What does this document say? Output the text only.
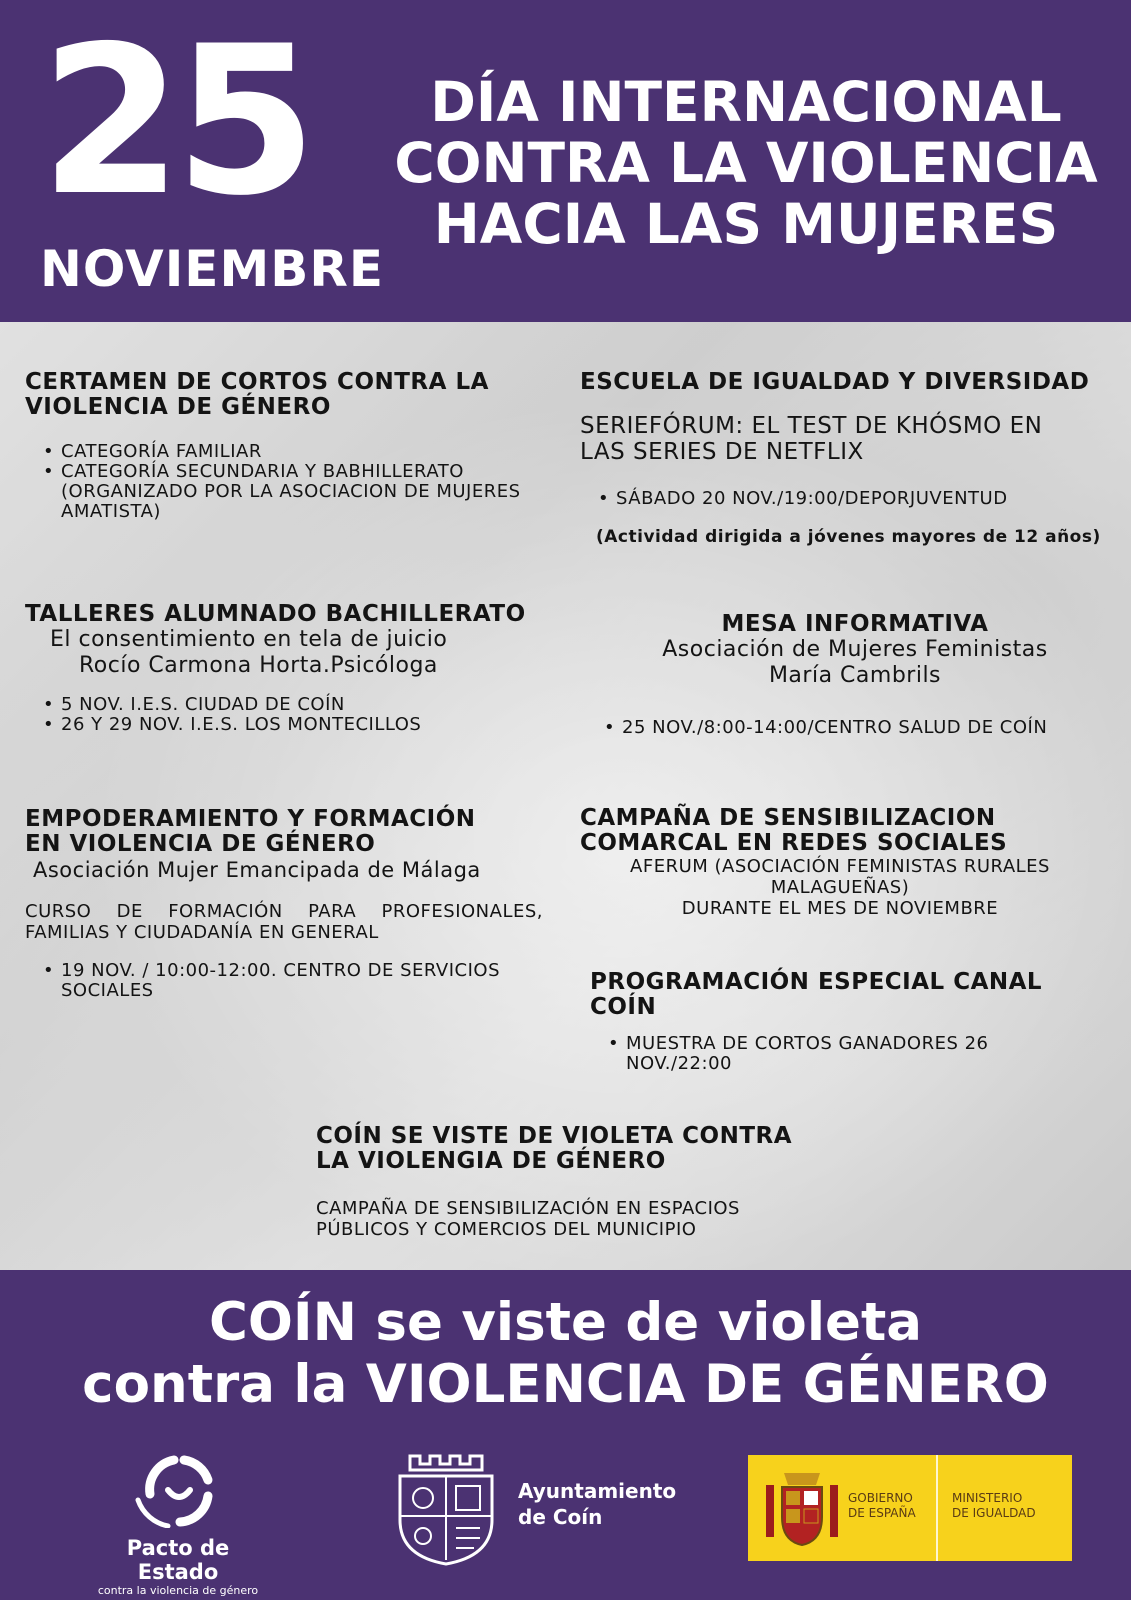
25
NOVIEMBRE
DÍA INTERNACIONAL
CONTRA LA VIOLENCIA
HACIA LAS MUJERES
CERTAMEN DE CORTOS CONTRA LA
VIOLENCIA DE GÉNERO
• CATEGORÍA FAMILIAR
• CATEGORÍA SECUNDARIA Y BABHILLERATO (ORGANIZADO POR LA ASOCIACION DE MUJERES AMATISTA)
TALLERES ALUMNADO BACHILLERATO
El consentimiento en tela de juicio
Rocío Carmona Horta.Psicóloga
• 5 NOV. I.E.S. CIUDAD DE COÍN
• 26 Y 29 NOV. I.E.S. LOS MONTECILLOS
EMPODERAMIENTO Y FORMACIÓN
EN VIOLENCIA DE GÉNERO
Asociación Mujer Emancipada de Málaga
CURSO DE FORMACIÓN PARA PROFESIONALES, FAMILIAS Y CIUDADANÍA EN GENERAL
• 19 NOV. / 10:00-12:00. CENTRO DE SERVICIOS SOCIALES
ESCUELA DE IGUALDAD Y DIVERSIDAD
SERIEFÓRUM: EL TEST DE KHÓSMO EN
LAS SERIES DE NETFLIX
• SÁBADO 20 NOV./19:00/DEPORJUVENTUD
(Actividad dirigida a jóvenes mayores de 12 años)
MESA INFORMATIVA
Asociación de Mujeres Feministas
María Cambrils
• 25 NOV./8:00-14:00/CENTRO SALUD DE COÍN
CAMPAÑA DE SENSIBILIZACION
COMARCAL EN REDES SOCIALES
AFERUM (ASOCIACIÓN FEMINISTAS RURALES
MALAGUEÑAS)
DURANTE EL MES DE NOVIEMBRE
PROGRAMACIÓN ESPECIAL CANAL
COÍN
• MUESTRA DE CORTOS GANADORES 26 NOV./22:00
COÍN SE VISTE DE VIOLETA CONTRA
LA VIOLENGIA DE GÉNERO
CAMPAÑA DE SENSIBILIZACIÓN EN ESPACIOS
PÚBLICOS Y COMERCIOS DEL MUNICIPIO
COÍN se viste de violeta
contra la VIOLENCIA DE GÉNERO
Pacto de Estado
contra la violencia de género
Ayuntamiento
de Coín
GOBIERNO
DE ESPAÑA
MINISTERIO
DE IGUALDAD
